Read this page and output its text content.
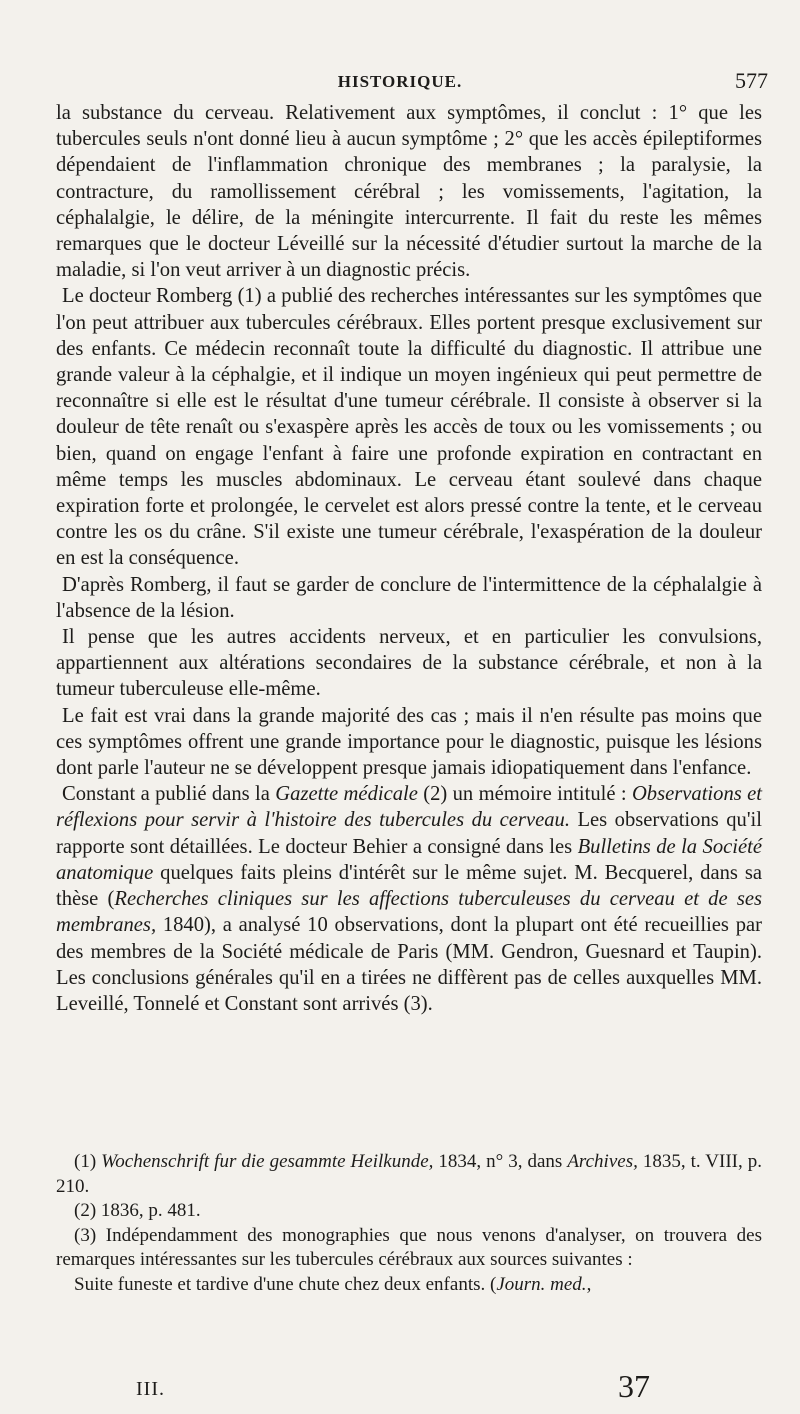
HISTORIQUE.	577

la substance du cerveau. Relativement aux symptômes, il conclut : 1° que les tubercules seuls n'ont donné lieu à aucun symptôme ; 2° que les accès épileptiformes dépendaient de l'inflammation chronique des membranes ; la paralysie, la contracture, du ramollissement cérébral ; les vomissements, l'agitation, la céphalalgie, le délire, de la méningite intercurrente. Il fait du reste les mêmes remarques que le docteur Léveillé sur la nécessité d'étudier surtout la marche de la maladie, si l'on veut arriver à un diagnostic précis.

Le docteur Romberg (1) a publié des recherches intéressantes sur les symptômes que l'on peut attribuer aux tubercules cérébraux. Elles portent presque exclusivement sur des enfants. Ce médecin reconnaît toute la difficulté du diagnostic. Il attribue une grande valeur à la céphalgie, et il indique un moyen ingénieux qui peut permettre de reconnaître si elle est le résultat d'une tumeur cérébrale. Il consiste à observer si la douleur de tête renaît ou s'exaspère après les accès de toux ou les vomissements ; ou bien, quand on engage l'enfant à faire une profonde expiration en contractant en même temps les muscles abdominaux. Le cerveau étant soulevé dans chaque expiration forte et prolongée, le cervelet est alors pressé contre la tente, et le cerveau contre les os du crâne. S'il existe une tumeur cérébrale, l'exaspération de la douleur en est la conséquence.

D'après Romberg, il faut se garder de conclure de l'intermittence de la céphalalgie à l'absence de la lésion.

Il pense que les autres accidents nerveux, et en particulier les convulsions, appartiennent aux altérations secondaires de la substance cérébrale, et non à la tumeur tuberculeuse elle-même.

Le fait est vrai dans la grande majorité des cas ; mais il n'en résulte pas moins que ces symptômes offrent une grande importance pour le diagnostic, puisque les lésions dont parle l'auteur ne se développent presque jamais idiopatiquement dans l'enfance.

Constant a publié dans la Gazette médicale (2) un mémoire intitulé : Observations et réflexions pour servir à l'histoire des tubercules du cerveau. Les observations qu'il rapporte sont détaillées. Le docteur Behier a consigné dans les Bulletins de la Société anatomique quelques faits pleins d'intérêt sur le même sujet. M. Becquerel, dans sa thèse (Recherches cliniques sur les affections tuberculeuses du cerveau et de ses membranes, 1840), a analysé 10 observations, dont la plupart ont été recueillies par des membres de la Société médicale de Paris (MM. Gendron, Guesnard et Taupin). Les conclusions générales qu'il en a tirées ne diffèrent pas de celles auxquelles MM. Leveillé, Tonnelé et Constant sont arrivés (3).

(1) Wochenschrift fur die gesammte Heilkunde, 1834, n° 3, dans Archives, 1835, t. VIII, p. 210.

(2) 1836, p. 481.

(3) Indépendamment des monographies que nous venons d'analyser, on trouvera des remarques intéressantes sur les tubercules cérébraux aux sources suivantes :

Suite funeste et tardive d'une chute chez deux enfants. (Journ. med.,

III.	37
